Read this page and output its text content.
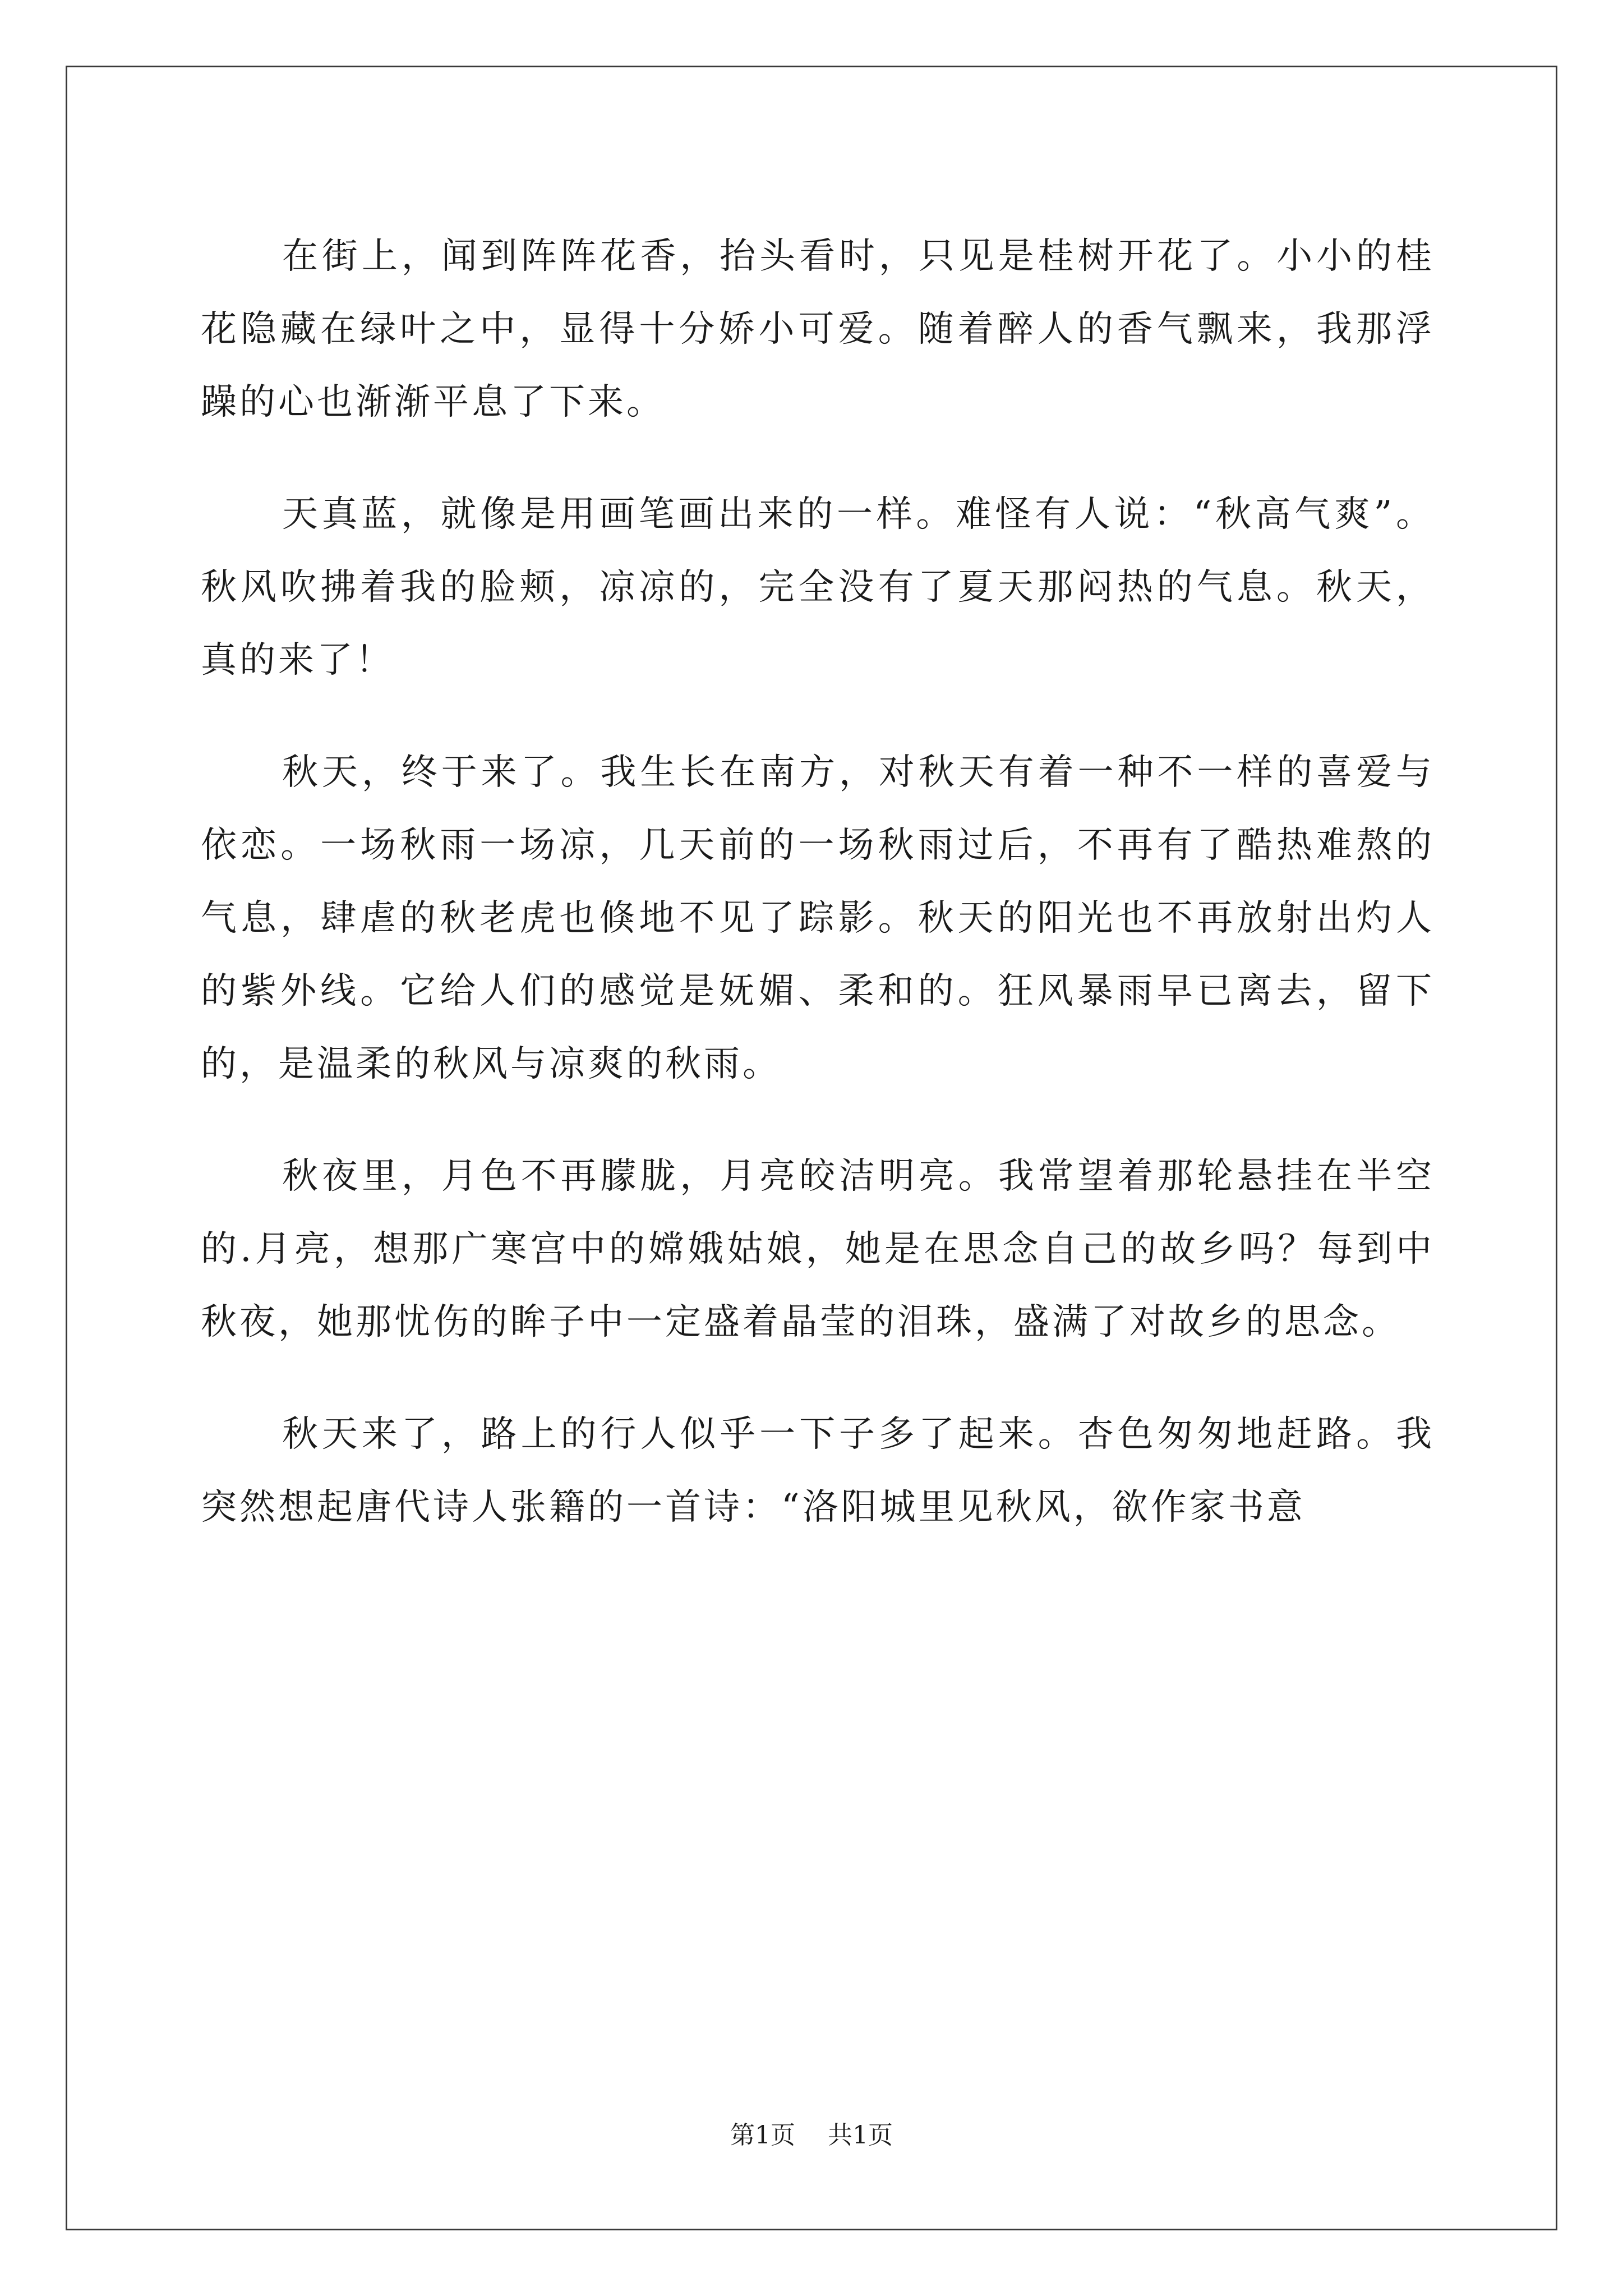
在街上，闻到阵阵花香，抬头看时，只见是桂树开花了。小小的桂花隐藏在绿叶之中，显得十分娇小可爱。随着醉人的香气飘来，我那浮躁的心也渐渐平息了下来。

天真蓝，就像是用画笔画出来的一样。难怪有人说：“秋高气爽”。秋风吹拂着我的脸颊，凉凉的，完全没有了夏天那闷热的气息。秋天，真的来了！

秋天，终于来了。我生长在南方，对秋天有着一种不一样的喜爱与依恋。一场秋雨一场凉，几天前的一场秋雨过后，不再有了酷热难熬的气息，肆虐的秋老虎也倏地不见了踪影。秋天的阳光也不再放射出灼人的紫外线。它给人们的感觉是妩媚、柔和的。狂风暴雨早已离去，留下的，是温柔的秋风与凉爽的秋雨。

秋夜里，月色不再朦胧，月亮皎洁明亮。我常望着那轮悬挂在半空的.月亮，想那广寒宫中的嫦娥姑娘，她是在思念自己的故乡吗？每到中秋夜，她那忧伤的眸子中一定盛着晶莹的泪珠，盛满了对故乡的思念。

秋天来了，路上的行人似乎一下子多了起来。杏色匆匆地赶路。我突然想起唐代诗人张籍的一首诗：“洛阳城里见秋风，欲作家书意

第1页 共1页
